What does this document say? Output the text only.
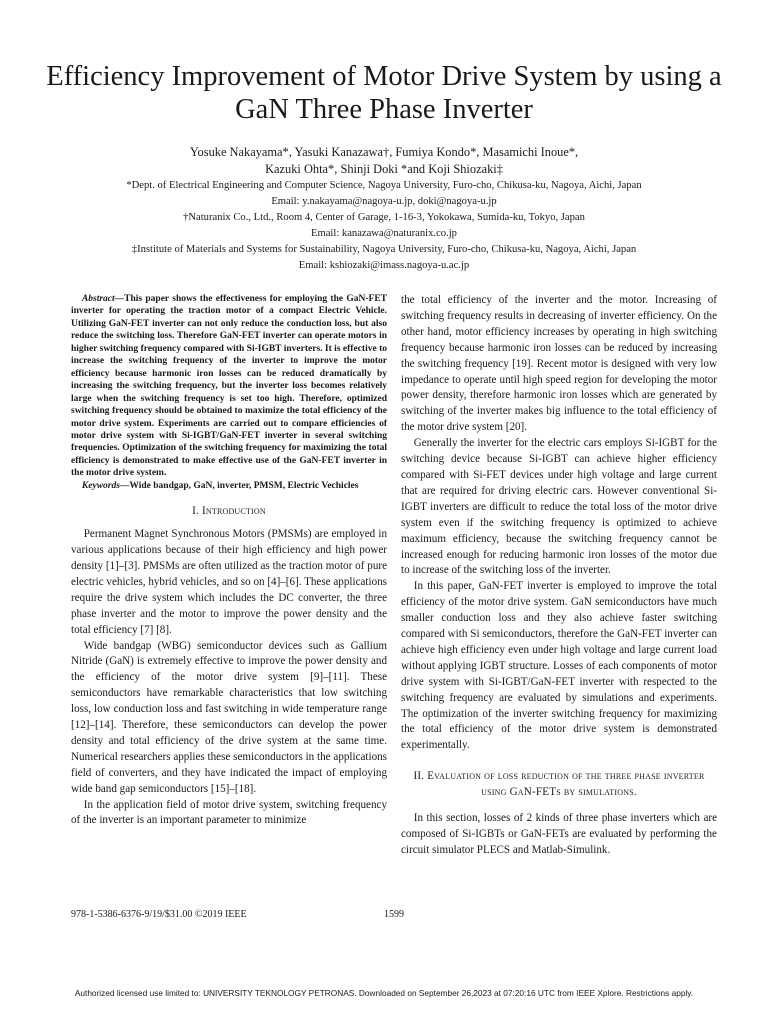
Efficiency Improvement of Motor Drive System by using a GaN Three Phase Inverter
Yosuke Nakayama*, Yasuki Kanazawa†, Fumiya Kondo*, Masamichi Inoue*,
Kazuki Ohta*, Shinji Doki *and Koji Shiozaki‡
*Dept. of Electrical Engineering and Computer Science, Nagoya University, Furo-cho, Chikusa-ku, Nagoya, Aichi, Japan
Email: y.nakayama@nagoya-u.jp, doki@nagoya-u.jp
†Naturanix Co., Ltd., Room 4, Center of Garage, 1-16-3, Yokokawa, Sumida-ku, Tokyo, Japan
Email: kanazawa@naturanix.co.jp
‡Institute of Materials and Systems for Sustainability, Nagoya University, Furo-cho, Chikusa-ku, Nagoya, Aichi, Japan
Email: kshiozaki@imass.nagoya-u.ac.jp

Abstract—This paper shows the effectiveness for employing the GaN-FET inverter for operating the traction motor of a compact Electric Vehicle. Utilizing GaN-FET inverter can not only reduce the conduction loss, but also reduce the switching loss. Therefore GaN-FET inverter can operate motors in higher switching frequency compared with Si-IGBT inverters. It is effective to increase the switching frequency of the inverter to improve the motor efficiency because harmonic iron losses can be reduced dramatically by increasing the switching frequency, but the inverter loss becomes relatively large when the switching frequency is set too high. Therefore, optimized switching frequency should be obtained to maximize the total efficiency of the motor drive system. Experiments are carried out to compare efficiencies of motor drive system with Si-IGBT/GaN-FET inverter in several switching frequencies. Optimization of the switching frequency for maximizing the total efficiency is demonstrated to make effective use of the GaN-FET inverter in the motor drive system.

Keywords—Wide bandgap, GaN, inverter, PMSM, Electric Vechicles

I. Introduction

Permanent Magnet Synchronous Motors (PMSMs) are employed in various applications because of their high efficiency and high power density [1]–[3]. PMSMs are often utilized as the traction motor of pure electric vehicles, hybrid vehicles, and so on [4]–[6]. These applications require the drive system which includes the DC converter, the three phase inverter and the motor to improve the power density and the total efficiency [7] [8].

Wide bandgap (WBG) semiconductor devices such as Gallium Nitride (GaN) is extremely effective to improve the power density and the efficiency of the motor drive system [9]–[11]. These semiconductors have remarkable characteristics that low switching loss, low conduction loss and fast switching in wide temperature range [12]–[14]. Therefore, these semiconductors can develop the power density and total efficiency of the drive system at the same time. Numerical researchers applies these semiconductors in the applications field of converters, and they have indicated the impact of employing wide band gap semiconductors [15]–[18].

In the application field of motor drive system, switching frequency of the inverter is an important parameter to minimize

the total efficiency of the inverter and the motor. Increasing of switching frequency results in decreasing of inverter efficiency. On the other hand, motor efficiency increases by operating in high switching frequency because harmonic iron losses can be reduced by increasing the switching frequency [19]. Recent motor is designed with very low impedance to operate until high speed region for developing the motor power density, therefore harmonic iron losses which are generated by switching of the inverter makes big influence to the total efficiency of the motor drive system [20].

Generally the inverter for the electric cars employs Si-IGBT for the switching device because Si-IGBT can achieve higher efficiency compared with Si-FET devices under high voltage and large current that are required for driving electric cars. However conventional Si-IGBT inverters are difficult to reduce the total loss of the motor drive system even if the switching frequency is optimized to achieve maximum efficiency, because the switching frequency cannot be increased enough for reducing harmonic iron losses of the motor due to increase of the switching loss of the inverter.

In this paper, GaN-FET inverter is employed to improve the total efficiency of the motor drive system. GaN semiconductors have much smaller conduction loss and they also achieve faster switching compared with Si semiconductors, therefore the GaN-FET inverter can achieve high efficiency even under high voltage and large current load without applying IGBT structure. Losses of each components of motor drive system with Si-IGBT/GaN-FET inverter with respected to the switching frequency are evaluated by simulations and experiments. The optimization of the inverter switching frequency for maximizing the total efficiency of the motor drive system is demonstrated experimentally.

II. Evaluation of loss reduction of the three phase inverter using GaN-FETs by simulations.

In this section, losses of 2 kinds of three phase inverters which are composed of Si-IGBTs or GaN-FETs are evaluated by performing the circuit simulator PLECS and Matlab-Simulink.

978-1-5386-6376-9/19/$31.00 ©2019 IEEE	1599
Authorized licensed use limited to: UNIVERSITY TEKNOLOGY PETRONAS. Downloaded on September 26,2023 at 07:20:16 UTC from IEEE Xplore. Restrictions apply.
